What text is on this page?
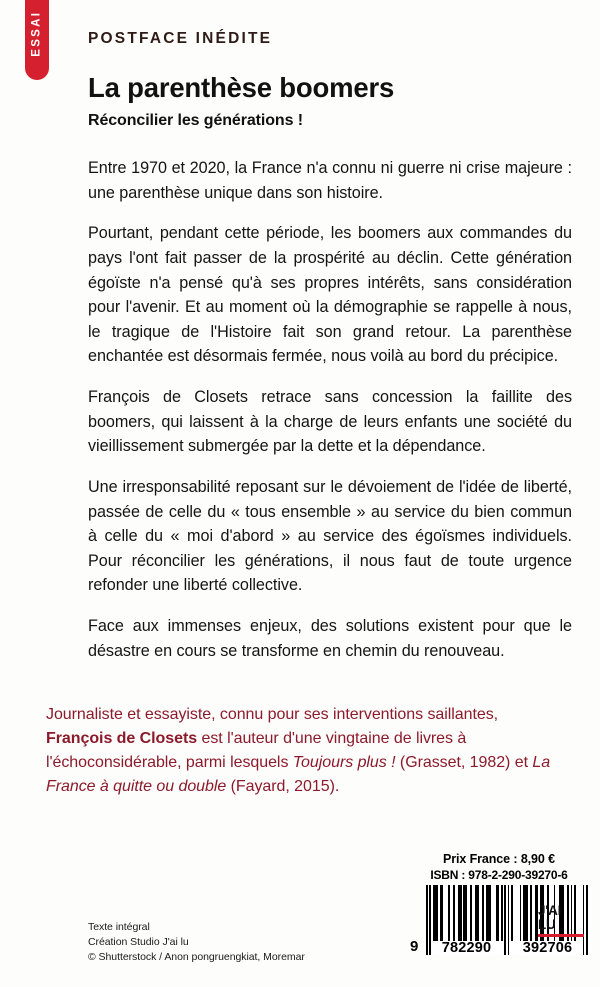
ESSAI	POSTFACE INÉDITE
La parenthèse boomers
Réconcilier les générations !

Entre 1970 et 2020, la France n'a connu ni guerre ni crise majeure : une parenthèse unique dans son histoire.

Pourtant, pendant cette période, les boomers aux commandes du pays l'ont fait passer de la prospérité au déclin. Cette génération égoïste n'a pensé qu'à ses propres intérêts, sans considération pour l'avenir. Et au moment où la démographie se rappelle à nous, le tragique de l'Histoire fait son grand retour. La parenthèse enchantée est désormais fermée, nous voilà au bord du précipice.

François de Closets retrace sans concession la faillite des boomers, qui laissent à la charge de leurs enfants une société du vieillissement submergée par la dette et la dépendance.

Une irresponsabilité reposant sur le dévoiement de l'idée de liberté, passée de celle du « tous ensemble » au service du bien commun à celle du « moi d'abord » au service des égoïsmes individuels. Pour réconcilier les générations, il nous faut de toute urgence refonder une liberté collective.

Face aux immenses enjeux, des solutions existent pour que le désastre en cours se transforme en chemin du renouveau.

Journaliste et essayiste, connu pour ses interventions saillantes, François de Closets est l'auteur d'une vingtaine de livres à l'échoconsidérable, parmi lesquels Toujours plus ! (Grasset, 1982) et La France à quitte ou double (Fayard, 2015).
Prix France : 8,90 €
ISBN : 978-2-290-39270-6
9 782290 392706
Texte intégral
Création Studio J'ai lu
© Shutterstock / Anon pongruengkiat, Moremar
J'AI
LU
